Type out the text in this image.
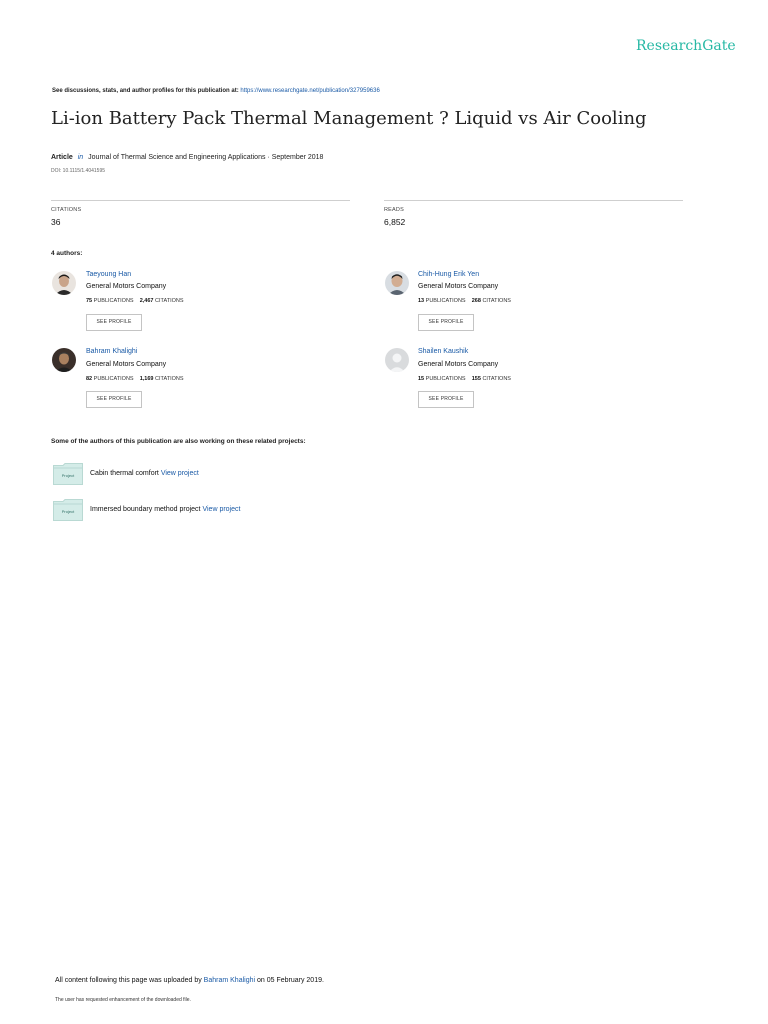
ResearchGate
See discussions, stats, and author profiles for this publication at: https://www.researchgate.net/publication/327959636
Li-ion Battery Pack Thermal Management ? Liquid vs Air Cooling
Article in Journal of Thermal Science and Engineering Applications · September 2018
DOI: 10.1115/1.4041595
CITATIONS
36
READS
6,852
4 authors:
Taeyoung Han
General Motors Company
75 PUBLICATIONS 2,467 CITATIONS
SEE PROFILE
Chih-Hung Erik Yen
General Motors Company
13 PUBLICATIONS 268 CITATIONS
SEE PROFILE
Bahram Khalighi
General Motors Company
82 PUBLICATIONS 1,169 CITATIONS
SEE PROFILE
Shailen Kaushik
General Motors Company
15 PUBLICATIONS 155 CITATIONS
SEE PROFILE
Some of the authors of this publication are also working on these related projects:
Project	Cabin thermal comfort View project
Project	Immersed boundary method project View project
All content following this page was uploaded by Bahram Khalighi on 05 February 2019.
The user has requested enhancement of the downloaded file.
